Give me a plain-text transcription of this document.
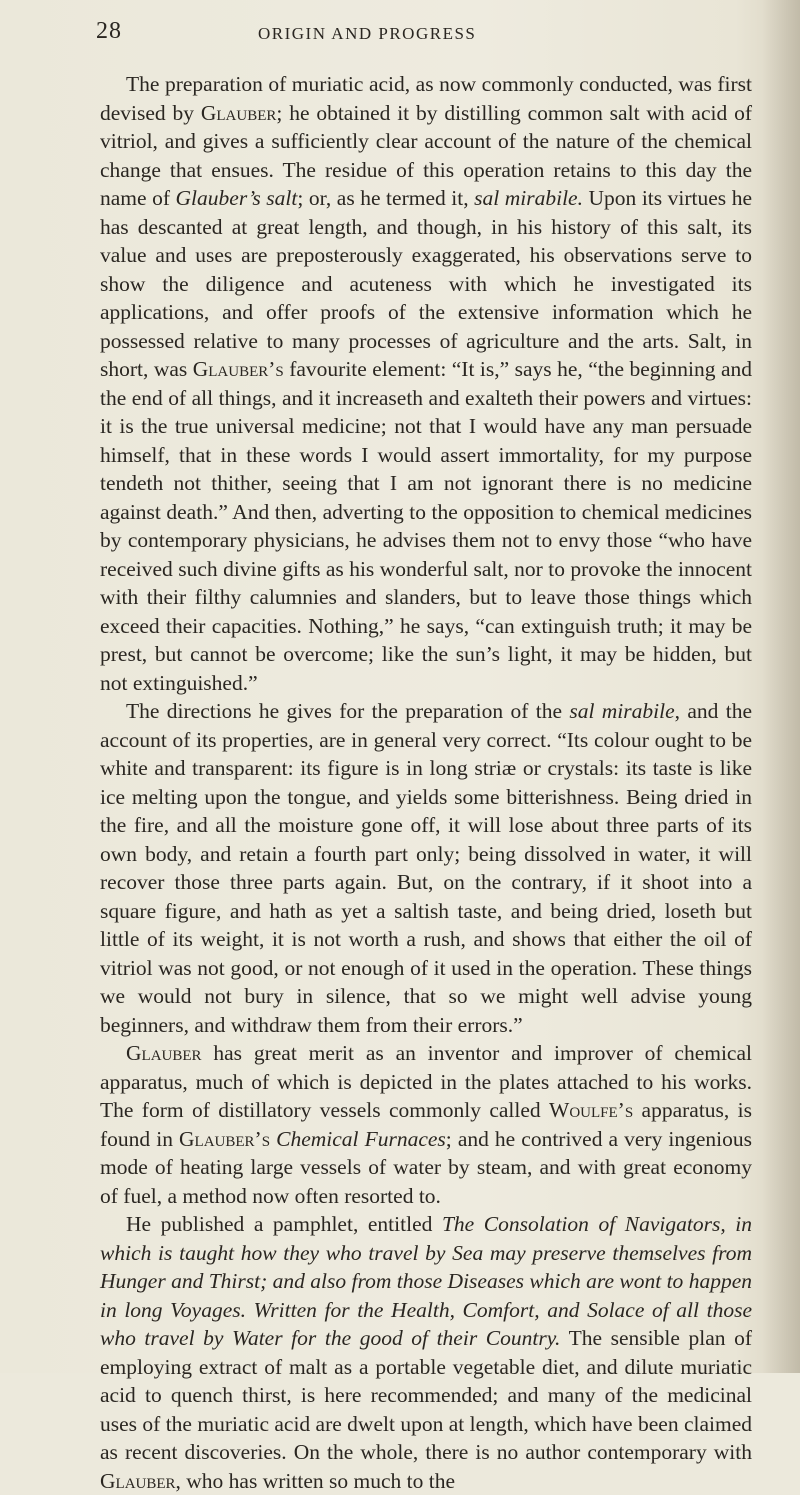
28	ORIGIN AND PROGRESS

The preparation of muriatic acid, as now commonly conducted, was first devised by Glauber; he obtained it by distilling common salt with acid of vitriol, and gives a sufficiently clear account of the nature of the chemical change that ensues. The residue of this operation retains to this day the name of Glauber’s salt; or, as he termed it, sal mirabile. Upon its virtues he has descanted at great length, and though, in his history of this salt, its value and uses are preposterously exaggerated, his observations serve to show the diligence and acuteness with which he investigated its applications, and offer proofs of the extensive information which he possessed relative to many processes of agriculture and the arts. Salt, in short, was Glauber’s favourite element: “It is,” says he, “the beginning and the end of all things, and it increaseth and exalteth their powers and virtues: it is the true universal medicine; not that I would have any man persuade himself, that in these words I would assert immortality, for my purpose tendeth not thither, seeing that I am not ignorant there is no medicine against death.” And then, adverting to the opposition to chemical medicines by contemporary physicians, he advises them not to envy those “who have received such divine gifts as his wonderful salt, nor to provoke the innocent with their filthy calumnies and slanders, but to leave those things which exceed their capacities. Nothing,” he says, “can extinguish truth; it may be prest, but cannot be overcome; like the sun’s light, it may be hidden, but not extinguished.”

The directions he gives for the preparation of the sal mirabile, and the account of its properties, are in general very correct. “Its colour ought to be white and transparent: its figure is in long striæ or crystals: its taste is like ice melting upon the tongue, and yields some bitterishness. Being dried in the fire, and all the moisture gone off, it will lose about three parts of its own body, and retain a fourth part only; being dissolved in water, it will recover those three parts again. But, on the contrary, if it shoot into a square figure, and hath as yet a saltish taste, and being dried, loseth but little of its weight, it is not worth a rush, and shows that either the oil of vitriol was not good, or not enough of it used in the operation. These things we would not bury in silence, that so we might well advise young beginners, and withdraw them from their errors.”

Glauber has great merit as an inventor and improver of chemical apparatus, much of which is depicted in the plates attached to his works. The form of distillatory vessels commonly called Woulfe’s apparatus, is found in Glauber’s Chemical Furnaces; and he contrived a very ingenious mode of heating large vessels of water by steam, and with great economy of fuel, a method now often resorted to.

He published a pamphlet, entitled The Consolation of Navigators, in which is taught how they who travel by Sea may preserve themselves from Hunger and Thirst; and also from those Diseases which are wont to happen in long Voyages. Written for the Health, Comfort, and Solace of all those who travel by Water for the good of their Country. The sensible plan of employing extract of malt as a portable vegetable diet, and dilute muriatic acid to quench thirst, is here recommended; and many of the medicinal uses of the muriatic acid are dwelt upon at length, which have been claimed as recent discoveries. On the whole, there is no author contemporary with Glauber, who has written so much to the
